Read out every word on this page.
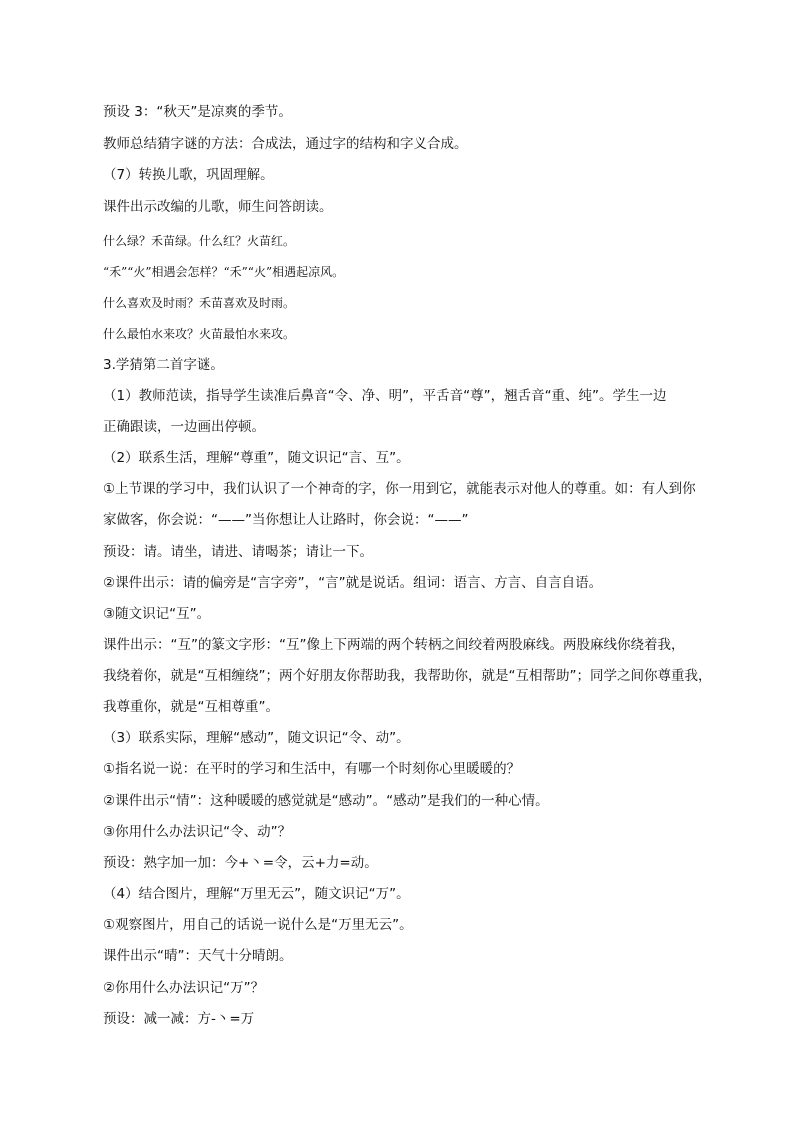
预设 3：“秋天”是凉爽的季节。
教师总结猜字谜的方法：合成法，通过字的结构和字义合成。
（7）转换儿歌，巩固理解。
课件出示改编的儿歌，师生问答朗读。
什么绿？禾苗绿。什么红？火苗红。
“禾”“火”相遇会怎样？“禾”“火”相遇起凉风。
什么喜欢及时雨？禾苗喜欢及时雨。
什么最怕水来攻？火苗最怕水来攻。
3.学猜第二首字谜。
（1）教师范读，指导学生读准后鼻音“令、净、明”，平舌音“尊”，翘舌音“重、纯”。学生一边
正确跟读，一边画出停顿。
（2）联系生活，理解“尊重”，随文识记“言、互”。
①上节课的学习中，我们认识了一个神奇的字，你一用到它，就能表示对他人的尊重。如：有人到你
家做客，你会说：“——”当你想让人让路时，你会说：“——”
预设：请。请坐，请进、请喝茶；请让一下。
②课件出示：请的偏旁是“言字旁”，“言”就是说话。组词：语言、方言、自言自语。
③随文识记“互”。
课件出示：“互”的篆文字形：“互”像上下两端的两个转柄之间绞着两股麻线。两股麻线你绕着我，
我绕着你，就是“互相缠绕”；两个好朋友你帮助我，我帮助你，就是“互相帮助”；同学之间你尊重我，
我尊重你，就是“互相尊重”。
（3）联系实际，理解“感动”，随文识记“令、动”。
①指名说一说：在平时的学习和生活中，有哪一个时刻你心里暖暖的？
②课件出示“情”：这种暖暖的感觉就是“感动”。“感动”是我们的一种心情。
③你用什么办法识记“令、动”？
预设：熟字加一加：今+丶=令，云+力=动。
（4）结合图片，理解“万里无云”，随文识记“万”。
①观察图片，用自己的话说一说什么是“万里无云”。
课件出示“晴”：天气十分晴朗。
②你用什么办法识记“万”？
预设：减一减：方-丶=万
